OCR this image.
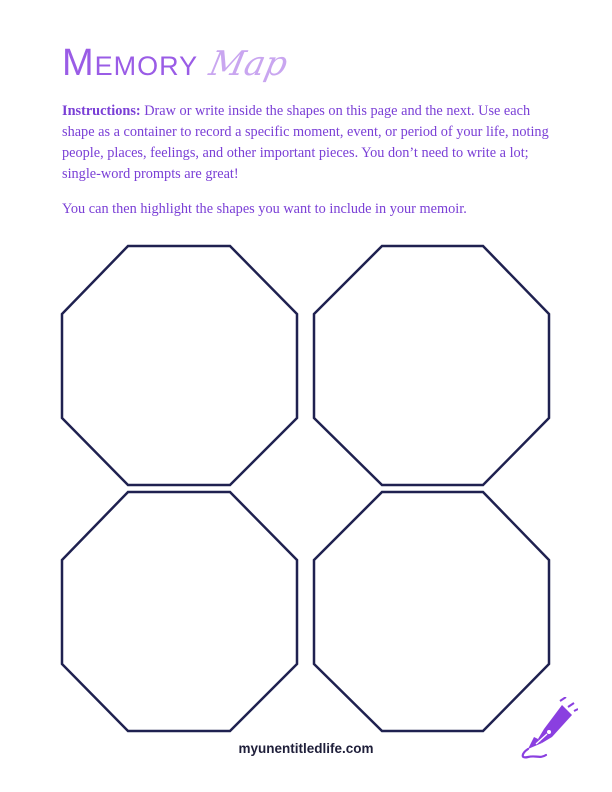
Memory Map

Instructions: Draw or write inside the shapes on this page and the next. Use each shape as a container to record a specific moment, event, or period of your life, noting people, places, feelings, and other important pieces. You don’t need to write a lot; single-word prompts are great!

You can then highlight the shapes you want to include in your memoir.

myunentitledlife.com
